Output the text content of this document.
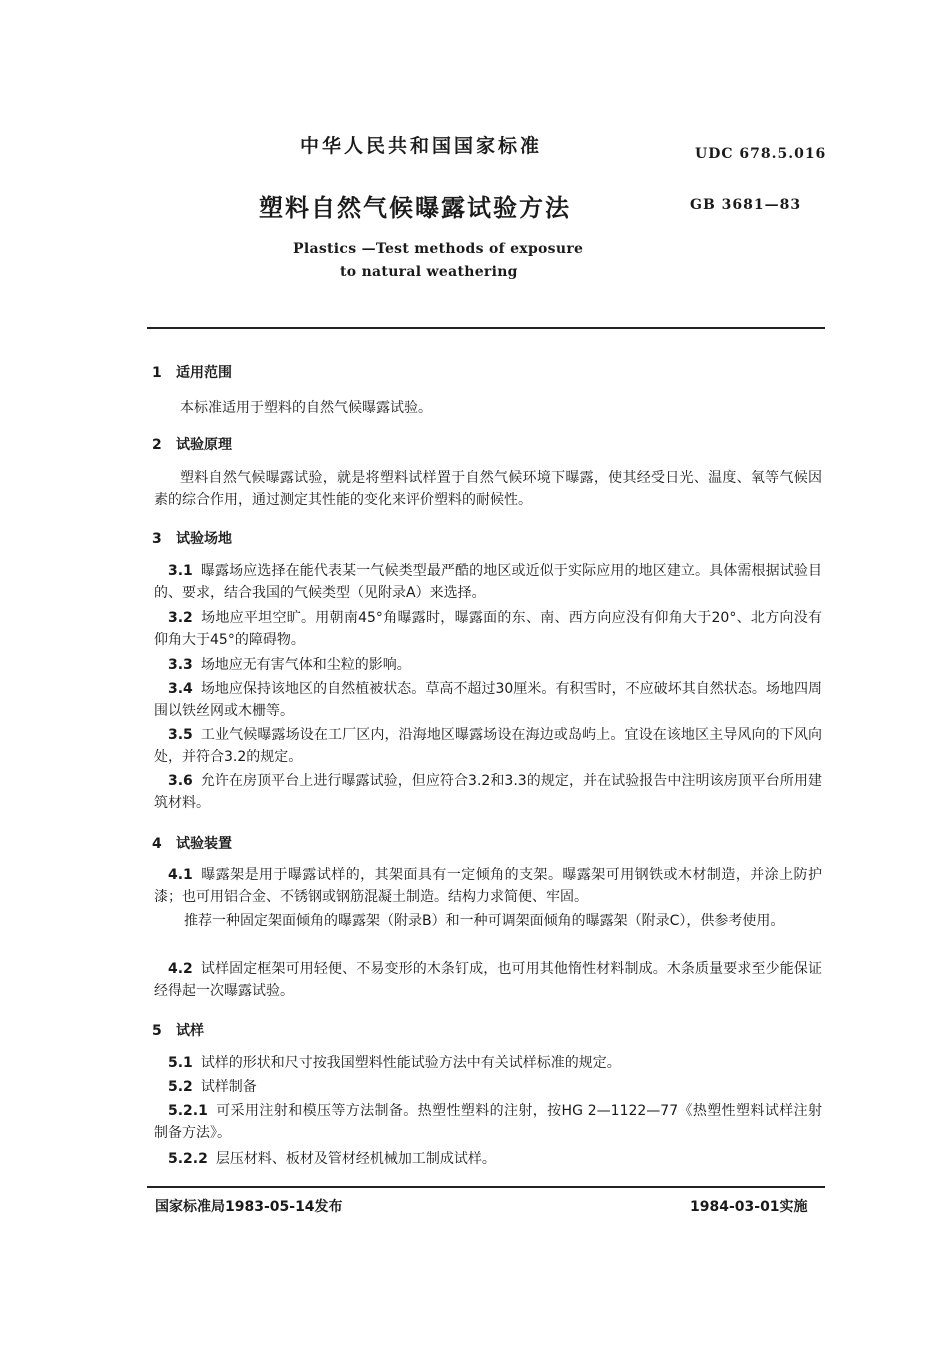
中华人民共和国国家标准	UDC 678.5.016
塑料自然气候曝露试验方法	GB 3681—83
Plastics —Test methods of exposure
to natural weathering
1 适用范围
本标准适用于塑料的自然气候曝露试验。
2 试验原理
塑料自然气候曝露试验，就是将塑料试样置于自然气候环境下曝露，使其经受日光、温度、氧等气候因素的综合作用，通过测定其性能的变化来评价塑料的耐候性。
3 试验场地
3.1 曝露场应选择在能代表某一气候类型最严酷的地区或近似于实际应用的地区建立。具体需根据试验目的、要求，结合我国的气候类型（见附录A）来选择。
3.2 场地应平坦空旷。用朝南45°角曝露时，曝露面的东、南、西方向应没有仰角大于20°、北方向没有仰角大于45°的障碍物。
3.3 场地应无有害气体和尘粒的影响。
3.4 场地应保持该地区的自然植被状态。草高不超过30厘米。有积雪时，不应破坏其自然状态。场地四周围以铁丝网或木栅等。
3.5 工业气候曝露场设在工厂区内，沿海地区曝露场设在海边或岛屿上。宜设在该地区主导风向的下风向处，并符合3.2的规定。
3.6 允许在房顶平台上进行曝露试验，但应符合3.2和3.3的规定，并在试验报告中注明该房顶平台所用建筑材料。
4 试验装置
4.1 曝露架是用于曝露试样的，其架面具有一定倾角的支架。曝露架可用钢铁或木材制造，并涂上防护漆；也可用铝合金、不锈钢或钢筋混凝土制造。结构力求简便、牢固。
推荐一种固定架面倾角的曝露架（附录B）和一种可调架面倾角的曝露架（附录C），供参考使用。
4.2 试样固定框架可用轻便、不易变形的木条钉成，也可用其他惰性材料制成。木条质量要求至少能保证经得起一次曝露试验。
5 试样
5.1 试样的形状和尺寸按我国塑料性能试验方法中有关试样标准的规定。
5.2 试样制备
5.2.1 可采用注射和模压等方法制备。热塑性塑料的注射，按HG 2—1122—77《热塑性塑料试样注射制备方法》。
5.2.2 层压材料、板材及管材经机械加工制成试样。
国家标准局1983-05-14发布	1984-03-01实施
